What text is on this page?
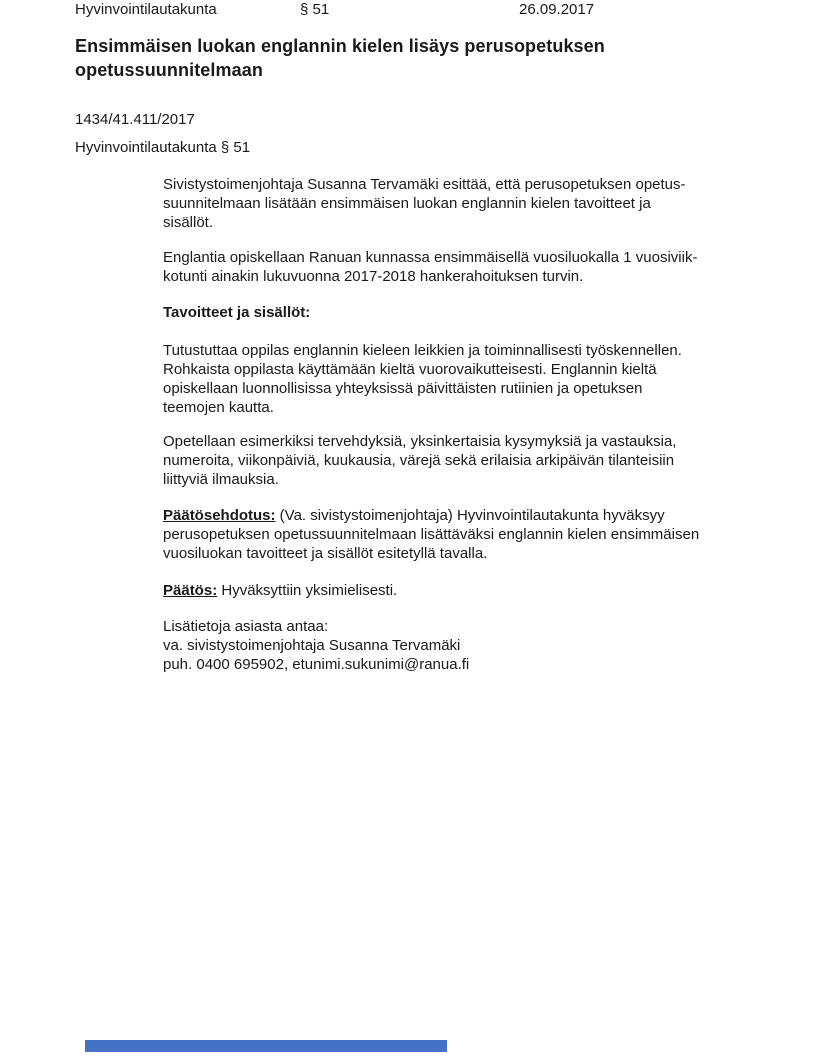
Hyvinvointilautakunta	§ 51	26.09.2017
Ensimmäisen luokan englannin kielen lisäys perusopetuksen
opetussuunnitelmaan
1434/41.411/2017
Hyvinvointilautakunta § 51
Sivistystoimenjohtaja Susanna Tervamäki esittää, että perusopetuksen opetus-
suunnitelmaan lisätään ensimmäisen luokan englannin kielen tavoitteet ja
sisällöt.
Englantia opiskellaan Ranuan kunnassa ensimmäisellä vuosiluokalla 1 vuosiviik-
kotunti ainakin lukuvuonna 2017-2018 hankerahoituksen turvin.
Tavoitteet ja sisällöt:
Tutustuttaa oppilas englannin kieleen leikkien ja toiminnallisesti työskennellen.
Rohkaista oppilasta käyttämään kieltä vuorovaikutteisesti. Englannin kieltä
opiskellaan luonnollisissa yhteyksissä päivittäisten rutiinien ja opetuksen
teemojen kautta.
Opetellaan esimerkiksi tervehdyksiä, yksinkertaisia kysymyksiä ja vastauksia,
numeroita, viikonpäiviä, kuukausia, värejä sekä erilaisia arkipäivän tilanteisiin
liittyviä ilmauksia.
Päätösehdotus: (Va. sivistystoimenjohtaja) Hyvinvointilautakunta hyväksyy
perusopetuksen opetussuunnitelmaan lisättäväksi englannin kielen ensimmäisen
vuosiluokan tavoitteet ja sisällöt esitetyllä tavalla.
Päätös: Hyväksyttiin yksimielisesti.
Lisätietoja asiasta antaa:
va. sivistystoimenjohtaja Susanna Tervamäki
puh. 0400 695902, etunimi.sukunimi@ranua.fi
